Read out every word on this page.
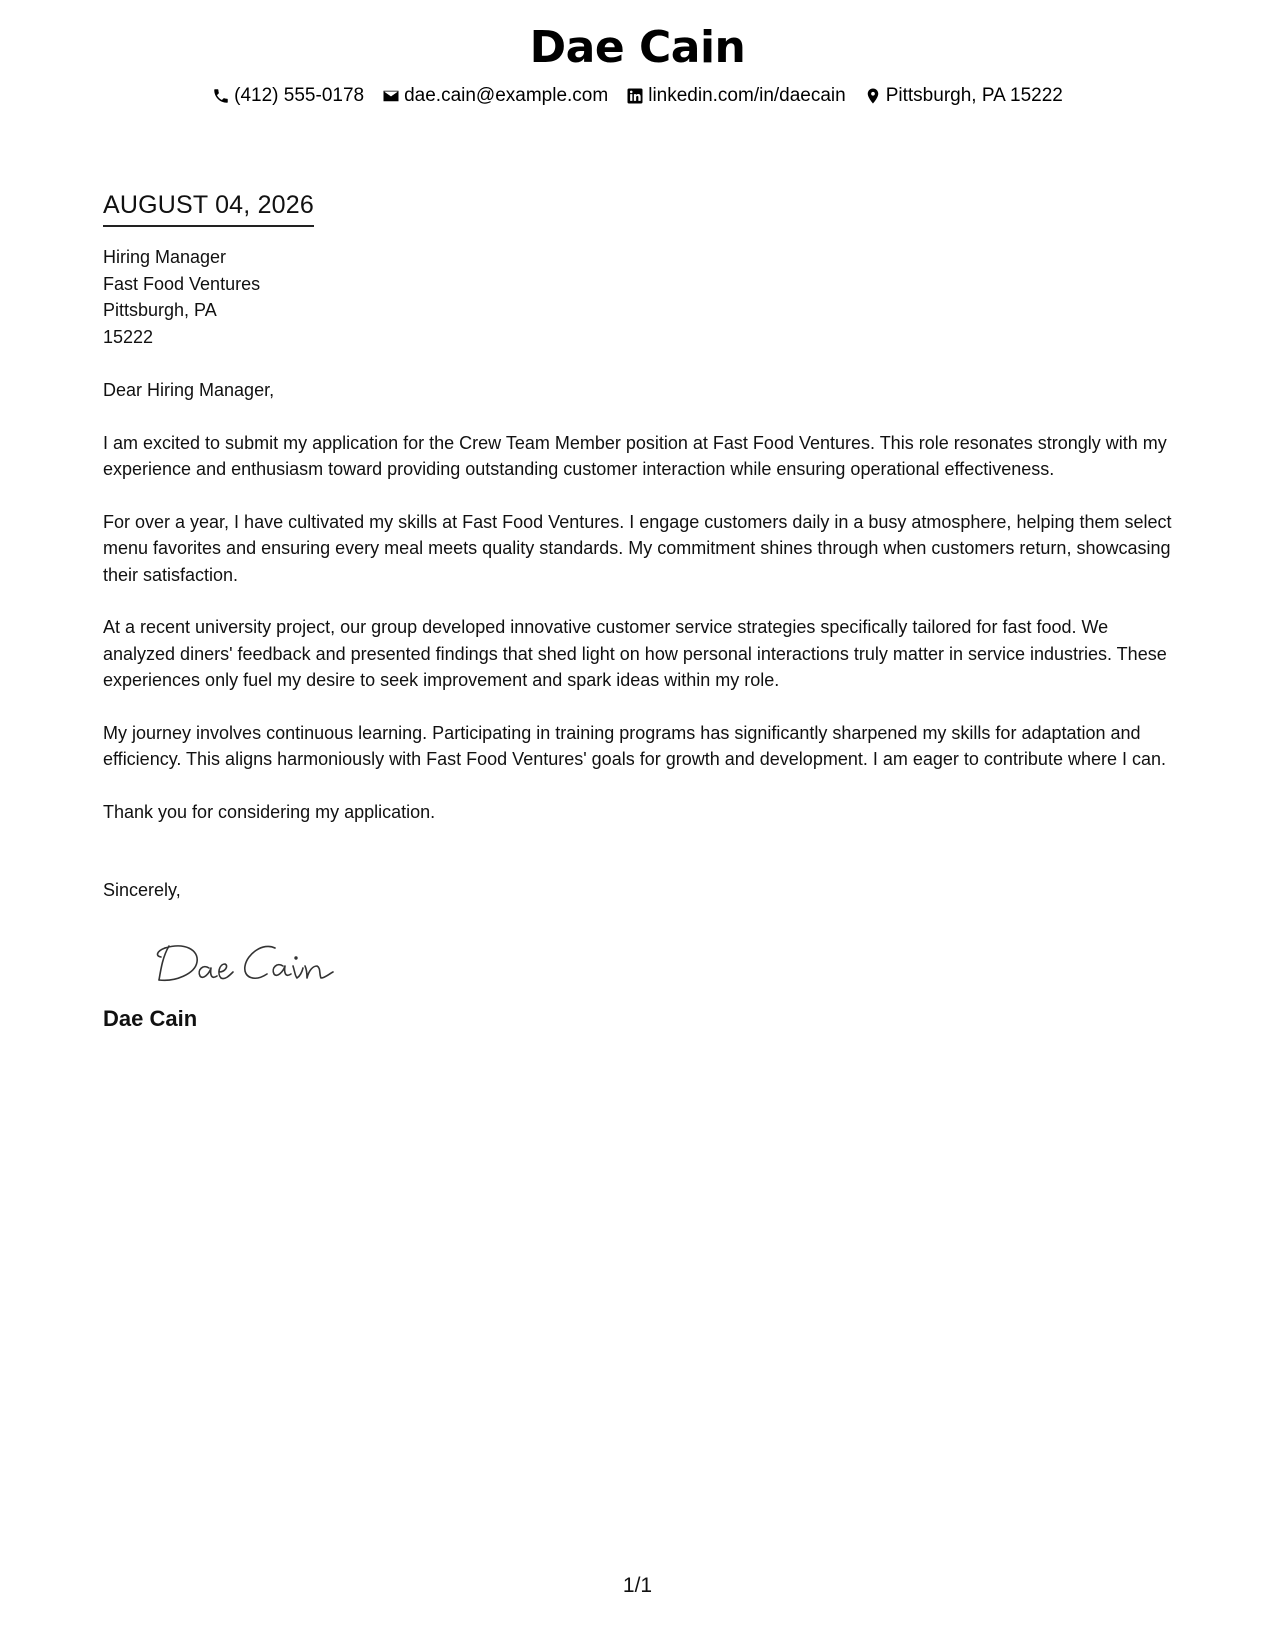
Dae Cain
(412) 555-0178 dae.cain@example.com linkedin.com/in/daecain Pittsburgh, PA 15222
AUGUST 04, 2026
Hiring Manager
Fast Food Ventures
Pittsburgh, PA
15222
Dear Hiring Manager,
I am excited to submit my application for the Crew Team Member position at Fast Food Ventures. This role resonates strongly with my experience and enthusiasm toward providing outstanding customer interaction while ensuring operational effectiveness.
For over a year, I have cultivated my skills at Fast Food Ventures. I engage customers daily in a busy atmosphere, helping them select menu favorites and ensuring every meal meets quality standards. My commitment shines through when customers return, showcasing their satisfaction.
At a recent university project, our group developed innovative customer service strategies specifically tailored for fast food. We analyzed diners' feedback and presented findings that shed light on how personal interactions truly matter in service industries. These experiences only fuel my desire to seek improvement and spark ideas within my role.
My journey involves continuous learning. Participating in training programs has significantly sharpened my skills for adaptation and efficiency. This aligns harmoniously with Fast Food Ventures' goals for growth and development. I am eager to contribute where I can.
Thank you for considering my application.
Sincerely,
Dae Cain
1/1
